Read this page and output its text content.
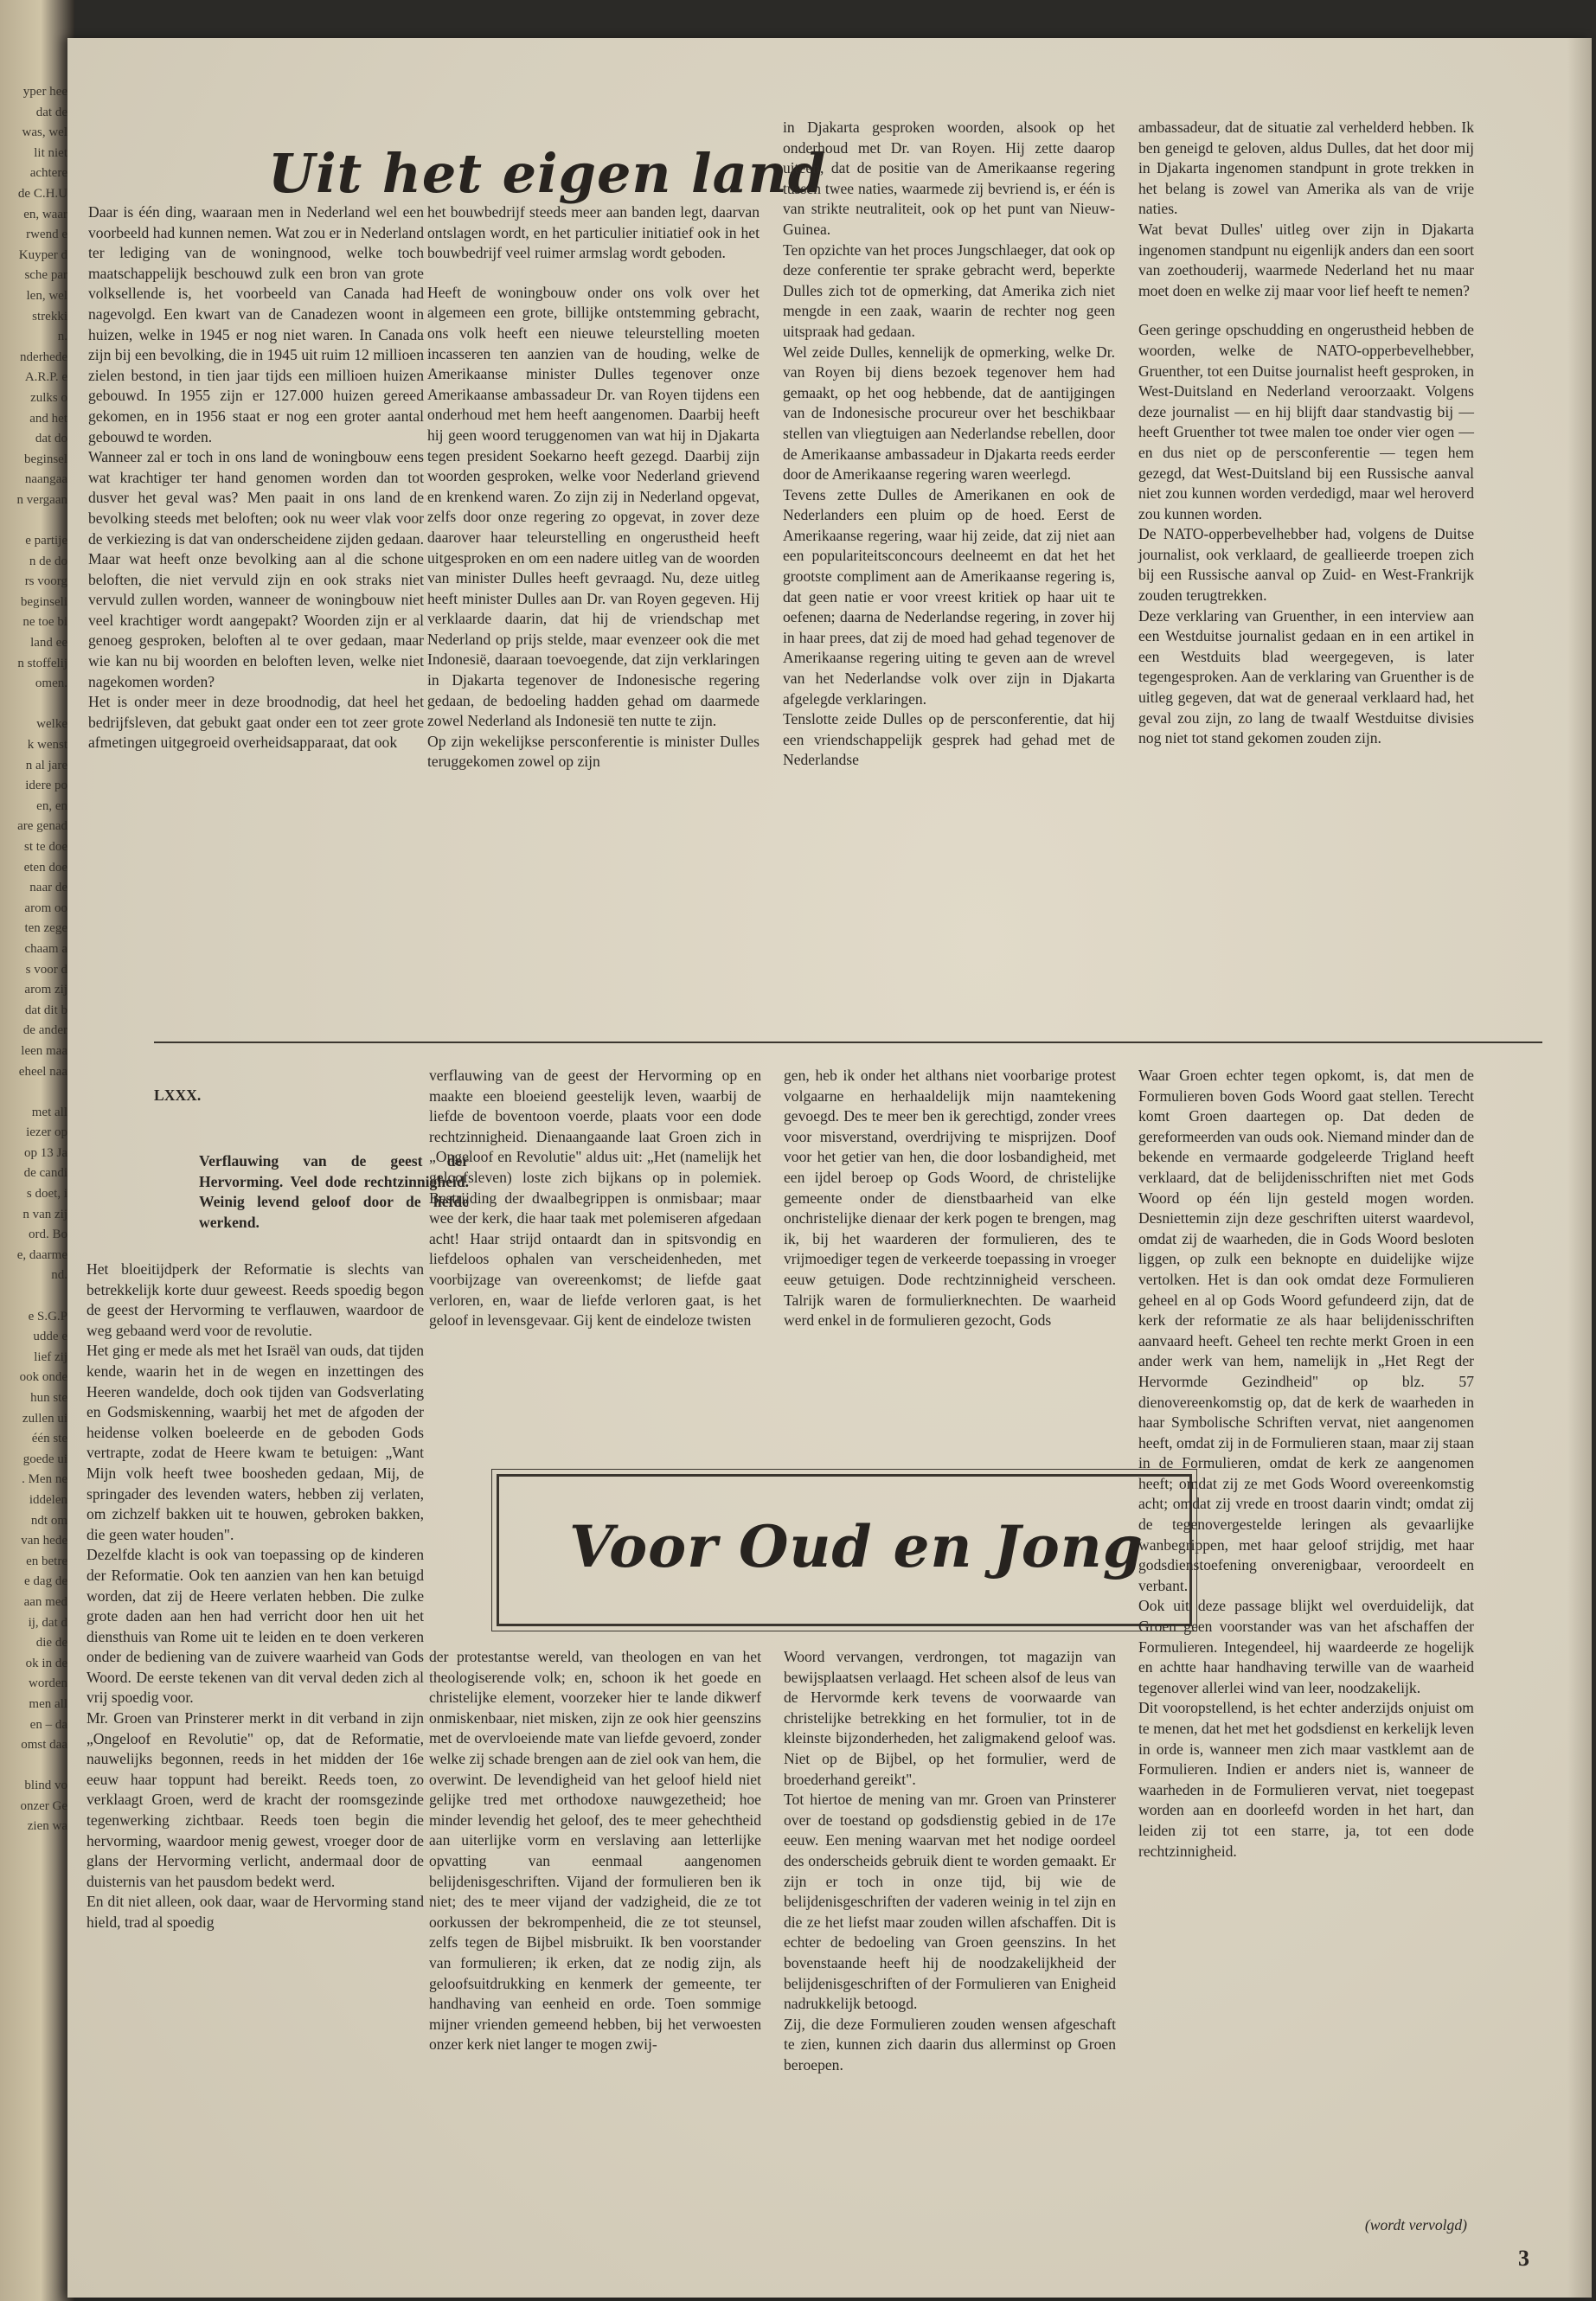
yper hee
dat de
was, wel
lit niet
achtere
de C.H.U
en, waar
rwend e
Kuyper d
sche par
len, wel
strekki
n.
nderhede
A.R.P. e
zulks o
and het
dat do
beginsel
naangaa
n vergaan

e partije
n de do
rs voorg
beginseli
ne toe bi
land ee
n stoffelij
omen.

welke
k wenst
n al jare
idere po
en, en
are genad
st te doe
eten doe
naar de
arom oo
ten zege
chaam a
s voor d
arom zij
dat dit b
de ander
leen maa
eheel naa

met all
iezer op
op 13 Ja
de candi
s doet, i
n van zij
ord. Bo
e, daarme
nd.

e S.G.P
udde e
lief zij
ook onde
hun ste
zullen ui
één ste
goede ui
. Men ne
iddelen
ndt om
van hede
en betre
e dag de
aan med
ij, dat d
die de
ok in de
worden
men all
en – da
omst daa

blind vo
onzer Ge
zien wa
Uit het eigen land

Daar is één ding, waaraan men in Nederland wel een voorbeeld had kunnen nemen. Wat zou er in Nederland ter lediging van de woningnood, welke toch maatschappelijk beschouwd zulk een bron van grote volksellende is, het voorbeeld van Canada had nagevolgd. Een kwart van de Canadezen woont in huizen, welke in 1945 er nog niet waren. In Canada zijn bij een bevolking, die in 1945 uit ruim 12 millioen zielen bestond, in tien jaar tijds een millioen huizen gebouwd. In 1955 zijn er 127.000 huizen gereed gekomen, en in 1956 staat er nog een groter aantal gebouwd te worden.

Wanneer zal er toch in ons land de woningbouw eens wat krachtiger ter hand genomen worden dan tot dusver het geval was? Men paait in ons land de bevolking steeds met beloften; ook nu weer vlak voor de verkiezing is dat van onderscheidene zijden gedaan. Maar wat heeft onze bevolking aan al die schone beloften, die niet vervuld zijn en ook straks niet vervuld zullen worden, wanneer de woningbouw niet veel krachtiger wordt aangepakt? Woorden zijn er al genoeg gesproken, beloften al te over gedaan, maar wie kan nu bij woorden en beloften leven, welke niet nagekomen worden?

Het is onder meer in deze broodnodig, dat heel het bedrijfsleven, dat gebukt gaat onder een tot zeer grote afmetingen uitgegroeid overheidsapparaat, dat ook

het bouwbedrijf steeds meer aan banden legt, daarvan ontslagen wordt, en het particulier initiatief ook in het bouwbedrijf veel ruimer armslag wordt geboden.

Heeft de woningbouw onder ons volk over het algemeen een grote, billijke ontstemming gebracht, ons volk heeft een nieuwe teleurstelling moeten incasseren ten aanzien van de houding, welke de Amerikaanse minister Dulles tegenover onze Amerikaanse ambassadeur Dr. van Royen tijdens een onderhoud met hem heeft aangenomen. Daarbij heeft hij geen woord teruggenomen van wat hij in Djakarta tegen president Soekarno heeft gezegd. Daarbij zijn woorden gesproken, welke voor Nederland grievend en krenkend waren. Zo zijn zij in Nederland opgevat, zelfs door onze regering zo opgevat, in zover deze daarover haar teleurstelling en ongerustheid heeft uitgesproken en om een nadere uitleg van de woorden van minister Dulles heeft gevraagd. Nu, deze uitleg heeft minister Dulles aan Dr. van Royen gegeven. Hij verklaarde daarin, dat hij de vriendschap met Nederland op prijs stelde, maar evenzeer ook die met Indonesië, daaraan toevoegende, dat zijn verklaringen in Djakarta tegenover de Indonesische regering gedaan, de bedoeling hadden gehad om daarmede zowel Nederland als Indonesië ten nutte te zijn.

Op zijn wekelijkse persconferentie is minister Dulles teruggekomen zowel op zijn

in Djakarta gesproken woorden, alsook op het onderhoud met Dr. van Royen. Hij zette daarop uiteen, dat de positie van de Amerikaanse regering tussen twee naties, waarmede zij bevriend is, er één is van strikte neutraliteit, ook op het punt van Nieuw-Guinea.

Ten opzichte van het proces Jungschlaeger, dat ook op deze conferentie ter sprake gebracht werd, beperkte Dulles zich tot de opmerking, dat Amerika zich niet mengde in een zaak, waarin de rechter nog geen uitspraak had gedaan.

Wel zeide Dulles, kennelijk de opmerking, welke Dr. van Royen bij diens bezoek tegenover hem had gemaakt, op het oog hebbende, dat de aantijgingen van de Indonesische procureur over het beschikbaar stellen van vliegtuigen aan Nederlandse rebellen, door de Amerikaanse ambassadeur in Djakarta reeds eerder door de Amerikaanse regering waren weerlegd.

Tevens zette Dulles de Amerikanen en ook de Nederlanders een pluim op de hoed. Eerst de Amerikaanse regering, waar hij zeide, dat zij niet aan een populariteitsconcours deelneemt en dat het het grootste compliment aan de Amerikaanse regering is, dat geen natie er voor vreest kritiek op haar uit te oefenen; daarna de Nederlandse regering, in zover hij in haar prees, dat zij de moed had gehad tegenover de Amerikaanse regering uiting te geven aan de wrevel van het Nederlandse volk over zijn in Djakarta afgelegde verklaringen.

Tenslotte zeide Dulles op de persconferentie, dat hij een vriendschappelijk gesprek had gehad met de Nederlandse

ambassadeur, dat de situatie zal verhelderd hebben. Ik ben geneigd te geloven, aldus Dulles, dat het door mij in Djakarta ingenomen standpunt in grote trekken in het belang is zowel van Amerika als van de vrije naties.

Wat bevat Dulles' uitleg over zijn in Djakarta ingenomen standpunt nu eigenlijk anders dan een soort van zoethouderij, waarmede Nederland het nu maar moet doen en welke zij maar voor lief heeft te nemen?

Geen geringe opschudding en ongerustheid hebben de woorden, welke de NATO-opperbevelhebber, Gruenther, tot een Duitse journalist heeft gesproken, in West-Duitsland en Nederland veroorzaakt. Volgens deze journalist — en hij blijft daar standvastig bij — heeft Gruenther tot twee malen toe onder vier ogen — en dus niet op de persconferentie — tegen hem gezegd, dat West-Duitsland bij een Russische aanval niet zou kunnen worden verdedigd, maar wel heroverd zou kunnen worden.

De NATO-opperbevelhebber had, volgens de Duitse journalist, ook verklaard, de geallieerde troepen zich bij een Russische aanval op Zuid- en West-Frankrijk zouden terugtrekken.

Deze verklaring van Gruenther, in een interview aan een Westduitse journalist gedaan en in een artikel in een Westduits blad weergegeven, is later tegengesproken. Aan de verklaring van Gruenther is de uitleg gegeven, dat wat de generaal verklaard had, het geval zou zijn, zo lang de twaalf Westduitse divisies nog niet tot stand gekomen zouden zijn.

LXXX.
Verflauwing van de geest der Hervorming. Veel dode rechtzinnigheid. Weinig levend geloof door de liefde werkend.

Het bloeitijdperk der Reformatie is slechts van betrekkelijk korte duur geweest. Reeds spoedig begon de geest der Hervorming te verflauwen, waardoor de weg gebaand werd voor de revolutie.

Het ging er mede als met het Israël van ouds, dat tijden kende, waarin het in de wegen en inzettingen des Heeren wandelde, doch ook tijden van Godsverlating en Godsmiskenning, waarbij het met de afgoden der heidense volken boeleerde en de geboden Gods vertrapte, zodat de Heere kwam te betuigen: „Want Mijn volk heeft twee boosheden gedaan, Mij, de springader des levenden waters, hebben zij verlaten, om zichzelf bakken uit te houwen, gebroken bakken, die geen water houden".

Dezelfde klacht is ook van toepassing op de kinderen der Reformatie. Ook ten aanzien van hen kan betuigd worden, dat zij de Heere verlaten hebben. Die zulke grote daden aan hen had verricht door hen uit het diensthuis van Rome uit te leiden en te doen verkeren onder de bediening van de zuivere waarheid van Gods Woord. De eerste tekenen van dit verval deden zich al vrij spoedig voor.

Mr. Groen van Prinsterer merkt in dit verband in zijn „Ongeloof en Revolutie" op, dat de Reformatie, nauwelijks begonnen, reeds in het midden der 16e eeuw haar toppunt had bereikt. Reeds toen, zo verklaagt Groen, werd de kracht der roomsgezinde tegenwerking zichtbaar. Reeds toen begin die hervorming, waardoor menig gewest, vroeger door de glans der Hervorming verlicht, andermaal door de duisternis van het pausdom bedekt werd.

En dit niet alleen, ook daar, waar de Hervorming stand hield, trad al spoedig

verflauwing van de geest der Hervorming op en maakte een bloeiend geestelijk leven, waarbij de liefde de boventoon voerde, plaats voor een dode rechtzinnigheid. Dienaangaande laat Groen zich in „Ongeloof en Revolutie" aldus uit: „Het (namelijk het geloofsleven) loste zich bijkans op in polemiek. Bestrijding der dwaalbegrippen is onmisbaar; maar wee der kerk, die haar taak met polemiseren afgedaan acht! Haar strijd ontaardt dan in spitsvondig en liefdeloos ophalen van verscheidenheden, met voorbijzage van overeenkomst; de liefde gaat verloren, en, waar de liefde verloren gaat, is het geloof in levensgevaar. Gij kent de eindeloze twisten

gen, heb ik onder het althans niet voorbarige protest volgaarne en herhaaldelijk mijn naamtekening gevoegd. Des te meer ben ik gerechtigd, zonder vrees voor misverstand, overdrijving te misprijzen. Doof voor het getier van hen, die door losbandigheid, met een ijdel beroep op Gods Woord, de christelijke gemeente onder de dienstbaarheid van elke onchristelijke dienaar der kerk pogen te brengen, mag ik, bij het waarderen der formulieren, des te vrijmoediger tegen de verkeerde toepassing in vroeger eeuw getuigen. Dode rechtzinnigheid verscheen. Talrijk waren de formulierknechten. De waarheid werd enkel in de formulieren gezocht, Gods

Voor Oud en Jong

der protestantse wereld, van theologen en van het theologiserende volk; en, schoon ik het goede en christelijke element, voorzeker hier te lande dikwerf onmiskenbaar, niet misken, zijn ze ook hier geenszins met de overvloeiende mate van liefde gevoerd, zonder welke zij schade brengen aan de ziel ook van hem, die overwint. De levendigheid van het geloof hield niet gelijke tred met orthodoxe nauwgezetheid; hoe minder levendig het geloof, des te meer gehechtheid aan uiterlijke vorm en verslaving aan letterlijke opvatting van eenmaal aangenomen belijdenisgeschriften. Vijand der formulieren ben ik niet; des te meer vijand der vadzigheid, die ze tot oorkussen der bekrompenheid, die ze tot steunsel, zelfs tegen de Bijbel misbruikt. Ik ben voorstander van formulieren; ik erken, dat ze nodig zijn, als geloofsuitdrukking en kenmerk der gemeente, ter handhaving van eenheid en orde. Toen sommige mijner vrienden gemeend hebben, bij het verwoesten onzer kerk niet langer te mogen zwij-

Woord vervangen, verdrongen, tot magazijn van bewijsplaatsen verlaagd. Het scheen alsof de leus van de Hervormde kerk tevens de voorwaarde van christelijke betrekking en het formulier, tot in de kleinste bijzonderheden, het zaligmakend geloof was. Niet op de Bijbel, op het formulier, werd de broederhand gereikt".

Tot hiertoe de mening van mr. Groen van Prinsterer over de toestand op godsdienstig gebied in de 17e eeuw. Een mening waarvan met het nodige oordeel des onderscheids gebruik dient te worden gemaakt. Er zijn er toch in onze tijd, bij wie de belijdenisgeschriften der vaderen weinig in tel zijn en die ze het liefst maar zouden willen afschaffen. Dit is echter de bedoeling van Groen geenszins. In het bovenstaande heeft hij de noodzakelijkheid der belijdenisgeschriften of der Formulieren van Enigheid nadrukkelijk betoogd.

Zij, die deze Formulieren zouden wensen afgeschaft te zien, kunnen zich daarin dus allerminst op Groen beroepen.

Waar Groen echter tegen opkomt, is, dat men de Formulieren boven Gods Woord gaat stellen. Terecht komt Groen daartegen op. Dat deden de gereformeerden van ouds ook. Niemand minder dan de bekende en vermaarde godgeleerde Trigland heeft verklaard, dat de belijdenisschriften niet met Gods Woord op één lijn gesteld mogen worden. Desniettemin zijn deze geschriften uiterst waardevol, omdat zij de waarheden, die in Gods Woord besloten liggen, op zulk een beknopte en duidelijke wijze vertolken. Het is dan ook omdat deze Formulieren geheel en al op Gods Woord gefundeerd zijn, dat de kerk der reformatie ze als haar belijdenisschriften aanvaard heeft. Geheel ten rechte merkt Groen in een ander werk van hem, namelijk in „Het Regt der Hervormde Gezindheid" op blz. 57 dienovereenkomstig op, dat de kerk de waarheden in haar Symbolische Schriften vervat, niet aangenomen heeft, omdat zij in de Formulieren staan, maar zij staan in de Formulieren, omdat de kerk ze aangenomen heeft; omdat zij ze met Gods Woord overeenkomstig acht; omdat zij vrede en troost daarin vindt; omdat zij de tegenovergestelde leringen als gevaarlijke wanbegrippen, met haar geloof strijdig, met haar godsdienstoefening onverenigbaar, veroordeelt en verbant.

Ook uit deze passage blijkt wel overduidelijk, dat Groen geen voorstander was van het afschaffen der Formulieren. Integendeel, hij waardeerde ze hogelijk en achtte haar handhaving terwille van de waarheid tegenover allerlei wind van leer, noodzakelijk.

Dit vooropstellend, is het echter anderzijds onjuist om te menen, dat het met het godsdienst en kerkelijk leven in orde is, wanneer men zich maar vastklemt aan de Formulieren. Indien er anders niet is, wanneer de waarheden in de Formulieren vervat, niet toegepast worden aan en doorleefd worden in het hart, dan leiden zij tot een starre, ja, tot een dode rechtzinnigheid.

(wordt vervolgd)
3
